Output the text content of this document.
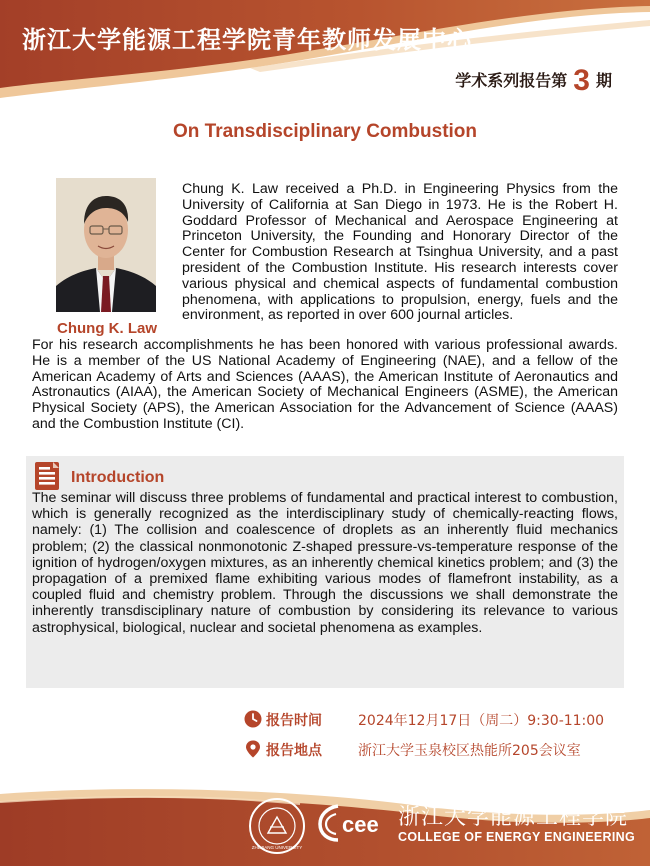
浙江大学能源工程学院青年教师发展中心
学术系列报告第 3 期
On Transdisciplinary Combustion
Chung K. Law
Chung K. Law received a Ph.D. in Engineering Physics from the University of California at San Diego in 1973. He is the Robert H. Goddard Professor of Mechanical and Aerospace Engineering at Princeton University, the Founding and Honorary Director of the Center for Combustion Research at Tsinghua University, and a past president of the Combustion Institute. His research interests cover various physical and chemical aspects of fundamental combustion phenomena, with applications to propulsion, energy, fuels and the environment, as reported in over 600 journal articles.
For his research accomplishments he has been honored with various professional awards. He is a member of the US National Academy of Engineering (NAE), and a fellow of the American Academy of Arts and Sciences (AAAS), the American Institute of Aeronautics and Astronautics (AIAA), the American Society of Mechanical Engineers (ASME), the American Physical Society (APS), the American Association for the Advancement of Science (AAAS) and the Combustion Institute (CI).
Introduction
The seminar will discuss three problems of fundamental and practical interest to combustion, which is generally recognized as the interdisciplinary study of chemically-reacting flows, namely: (1) The collision and coalescence of droplets as an inherently fluid mechanics problem; (2) the classical nonmonotonic Z-shaped pressure-vs-temperature response of the ignition of hydrogen/oxygen mixtures, as an inherently chemical kinetics problem; and (3) the propagation of a premixed flame exhibiting various modes of flamefront instability, as a coupled fluid and chemistry problem. Through the discussions we shall demonstrate the inherently transdisciplinary nature of combustion by considering its relevance to various astrophysical, biological, nuclear and societal phenomena as examples.
报告时间	2024年12月17日（周二）9:30-11:00
报告地点	浙江大学玉泉校区热能所205会议室
ZHEJIANG UNIVERSITY
cee 浙江大学能源工程学院
COLLEGE OF ENERGY ENGINEERING
